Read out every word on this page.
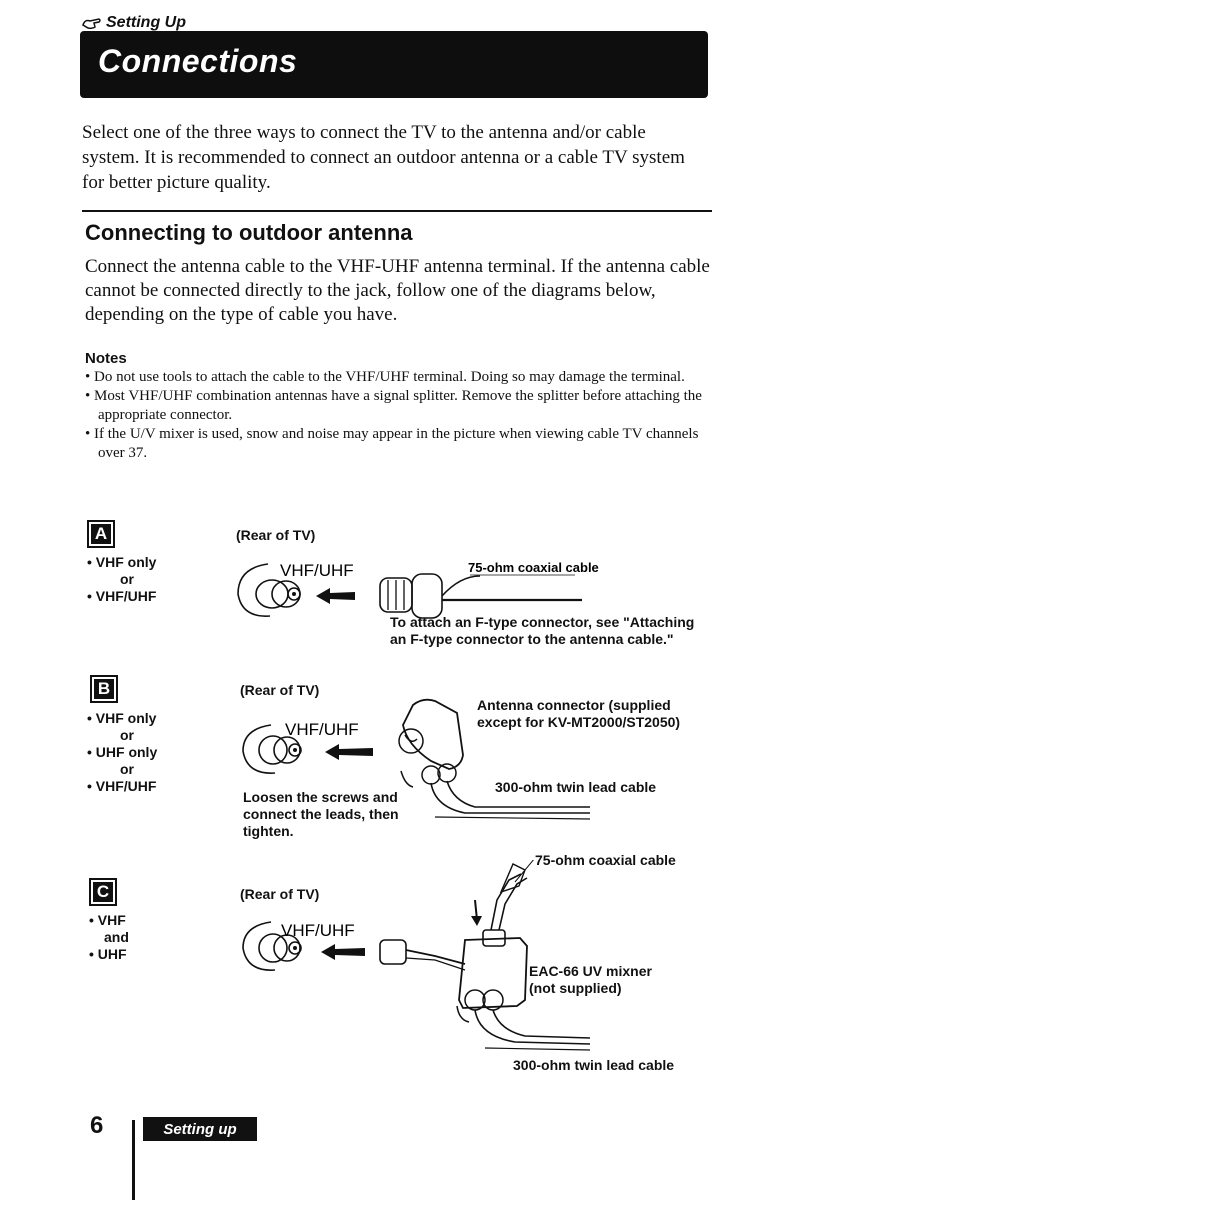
Setting Up
Connections
Select one of the three ways to connect the TV to the antenna and/or cable system. It is recommended to connect an outdoor antenna or a cable TV system for better picture quality.
Connecting to outdoor antenna
Connect the antenna cable to the VHF-UHF antenna terminal. If the antenna cable cannot be connected directly to the jack, follow one of the diagrams below, depending on the type of cable you have.
Notes
• Do not use tools to attach the cable to the VHF/UHF terminal. Doing so may damage the terminal.
• Most VHF/UHF combination antennas have a signal splitter. Remove the splitter before attaching the appropriate connector.
• If the U/V mixer is used, snow and noise may appear in the picture when viewing cable TV channels over 37.
A
• VHF only
or
• VHF/UHF
(Rear of TV)
VHF/UHF	75-ohm coaxial cable
To attach an F-type connector, see "Attaching
an F-type connector to the antenna cable."
B
• VHF only
or
• UHF only
or
• VHF/UHF
(Rear of TV)
VHF/UHF
Antenna connector (supplied
except for KV-MT2000/ST2050)
300-ohm twin lead cable
Loosen the screws and
connect the leads, then
tighten.
C
• VHF
and
• UHF
(Rear of TV)
75-ohm coaxial cable
VHF/UHF
EAC-66 UV mixner
(not supplied)
300-ohm twin lead cable
6	Setting up
